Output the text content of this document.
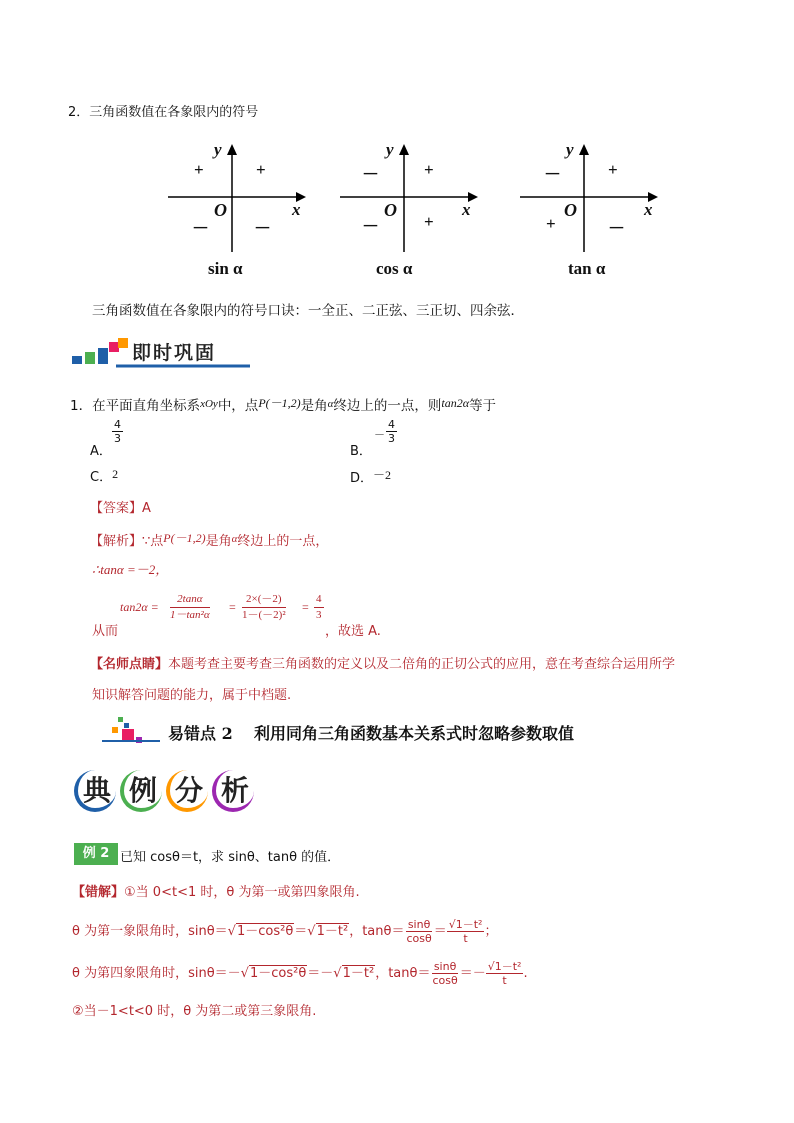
2．三角函数值在各象限内的符号
y
x
O
+
+
－	－
sin α
y
x
O
+
－
－	+
cos α
y
x
O
+
－
+	－
tan α
三角函数值在各象限内的符号口诀：一全正、二正弦、三正切、四余弦．
即时巩固
1．在平面直角坐标系$^{xOy}$中，点P(－1,2)是角$^\alpha$终边上的一点，则tan2α等于
A．
$\frac{4}{3}$
B．
－ $\frac{4}{3}$
C．2	D．－2
【答案】A
【解析】∵点P(－1,2)是角$^\alpha$终边上的一点，
∴tanα =－2，
$\tan 2\alpha = \frac{2\tan\alpha}{\text{1－tan²α}} = \frac{2\times(-2)}{\text{1－(－2)²}} = \frac{4}{3}$
从而	，故选 A.
【名师点睛】本题考查主要考查三角函数的定义以及二倍角的正切公式的应用，意在考查综合运用所学
知识解答问题的能力，属于中档题.
易错点 2 利用同角三角函数基本关系式时忽略参数取值
典 例 分 析
例 2 已知 cosθ＝t，求 sinθ、tanθ 的值．
【错解】①当 0<t<1 时，θ 为第一或第四象限角.
θ 为第一象限角时，sinθ＝√1－cos²θ＝√1－t²，$\tan\theta= \frac{\sin\theta}{\cos\theta} = \frac{\text{√1－t²}}{t}$ ；
θ 为第四象限角时，sinθ＝－√1－cos²θ＝－√1－t²，$\tan\theta= \frac{\sin\theta}{\cos\theta} =- \frac{\text{√1－t²}}{t}$ .
②当－1<t<0 时，θ 为第二或第三象限角.
